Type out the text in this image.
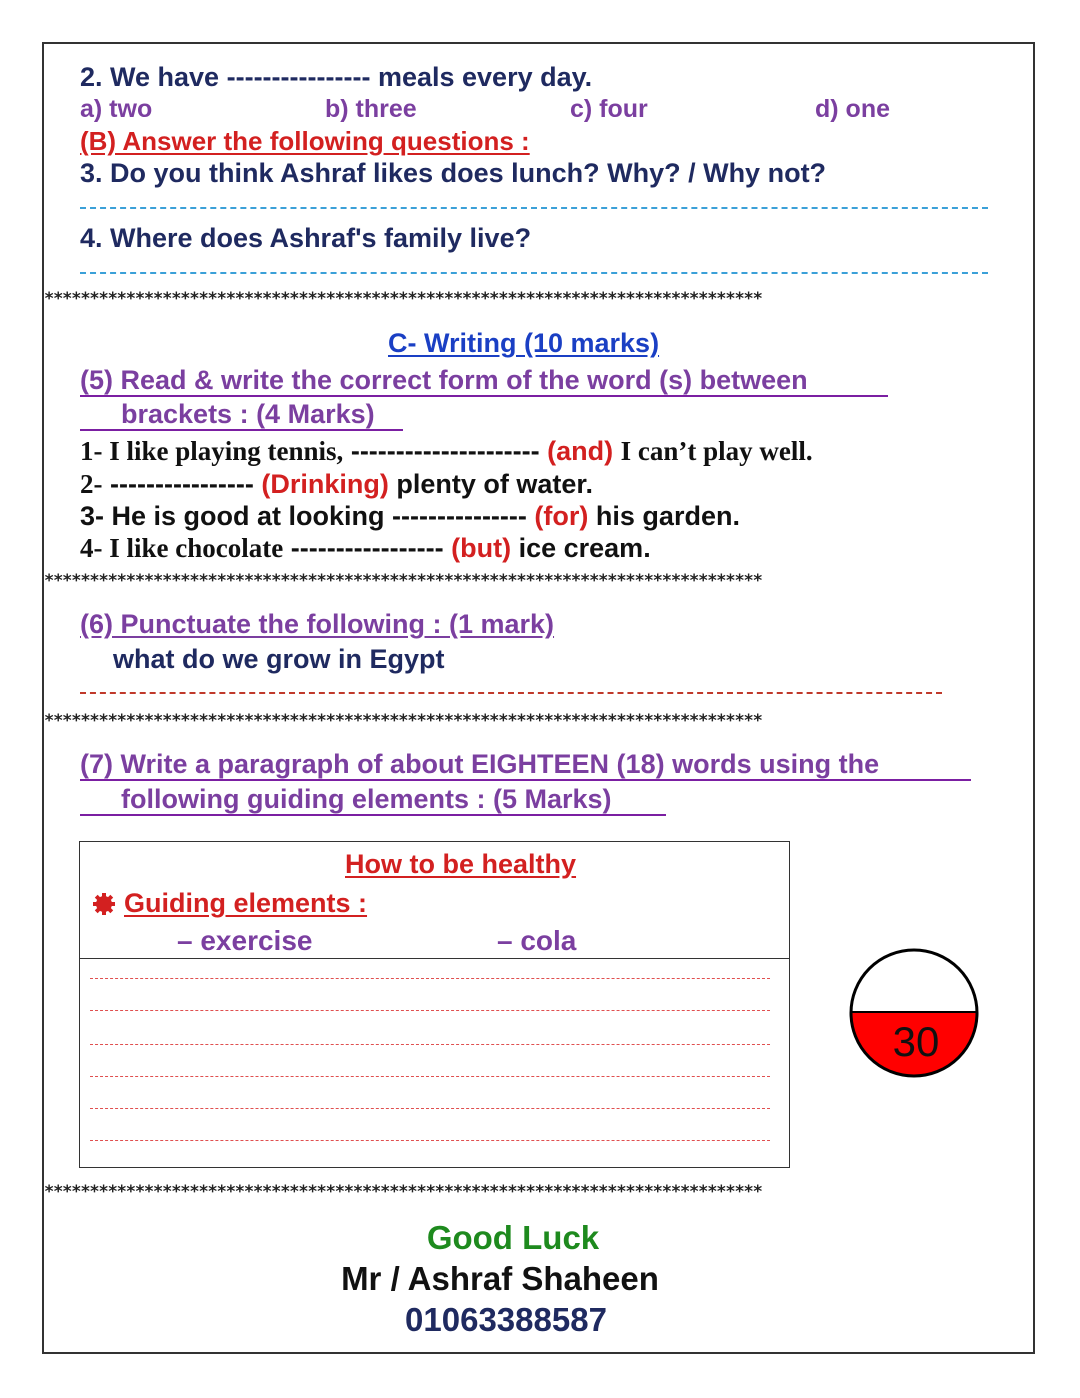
2. We have ---------------- meals every day.
a) two	b) three	c) four	d) one
(B) Answer the following questions :
3. Do you think Ashraf likes does lunch? Why? / Why not?
4. Where does Ashraf's family live?
*******************************************************************************
C- Writing (10 marks)
(5) Read & write the correct form of the word (s) between
brackets : (4 Marks)
1- I like playing tennis, --------------------- (and) I can’t play well.
2- ---------------- (Drinking) plenty of water.
3- He is good at looking --------------- (for) his garden.
4- I like chocolate ----------------- (but) ice cream.
*******************************************************************************
(6) Punctuate the following : (1 mark)
what do we grow in Egypt
*******************************************************************************
(7) Write a paragraph of about EIGHTEEN (18) words using the
following guiding elements : (5 Marks)
How to be healthy
Guiding elements :
– exercise	– cola
30
*******************************************************************************
Good Luck
Mr / Ashraf Shaheen
01063388587
